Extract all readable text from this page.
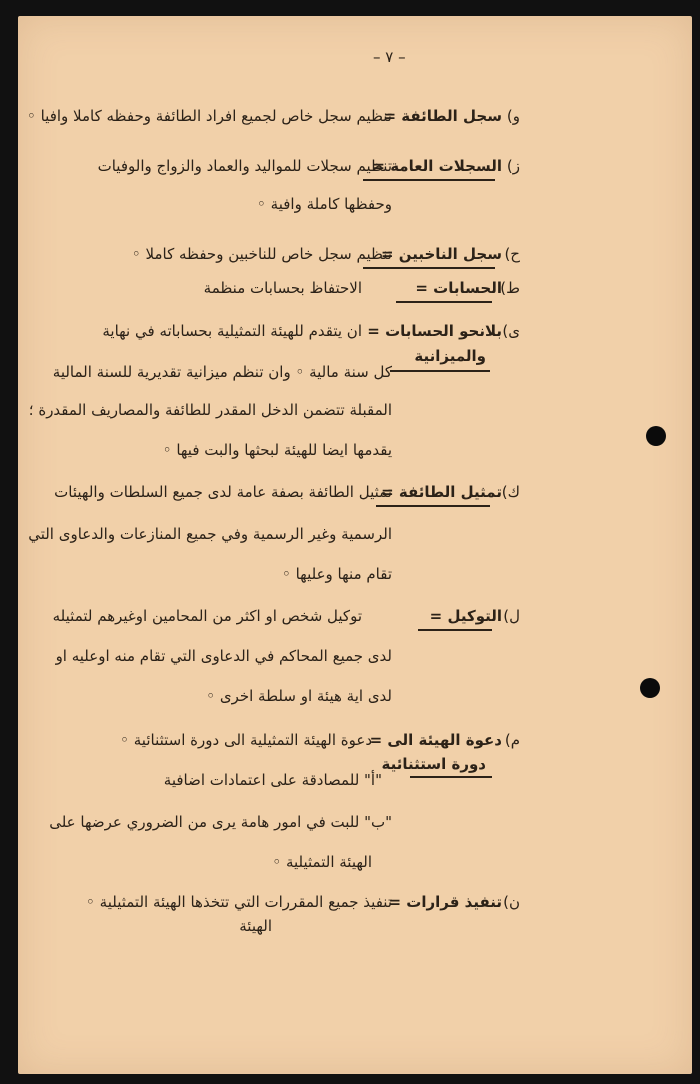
– ٧ –
و)
سجل الطائفة =
تنظيم سجل خاص لجميع افراد الطائفة وحفظه كاملا وافيا ◦
ز)
السجلات العامة =
تنظيم سجلات للمواليد والعماد والزواج والوفيات
وحفظها كاملة وافية ◦
ح)
سجل الناخبين =
تنظيم سجل خاص للناخبين وحفظه كاملا ◦
ط)
الحسابات =
الاحتفاظ بحسابات منظمة
ى)
بلانحو الحسابات =
والميزانية
ان يتقدم للهيئة التمثيلية بحساباته في نهاية
كل سنة مالية ◦ وان تنظم ميزانية تقديرية للسنة المالية
المقبلة تتضمن الدخل المقدر للطائفة والمصاريف المقدرة ؛
يقدمها ايضا للهيئة لبحثها والبت فيها ◦
ك)
تمثيل الطائفة =
تمثيل الطائفة بصفة عامة لدى جميع السلطات والهيئات
الرسمية وغير الرسمية وفي جميع المنازعات والدعاوى التي
تقام منها وعليها ◦
ل)
التوكيل =
توكيل شخص او اكثر من المحامين اوغيرهم لتمثيله
لدى جميع المحاكم في الدعاوى التي تقام منه اوعليه او
لدى اية هيئة او سلطة اخرى ◦
م)
دعوة الهيئة الى =
دورة استثنائية
دعوة الهيئة التمثيلية الى دورة استثنائية ◦
"أ" للمصادقة على اعتمادات اضافية
"ب" للبت في امور هامة يرى من الضروري عرضها على
الهيئة التمثيلية ◦
ن)
تنفيذ قرارات =
تنفيذ جميع المقررات التي تتخذها الهيئة التمثيلية ◦
الهيئة
